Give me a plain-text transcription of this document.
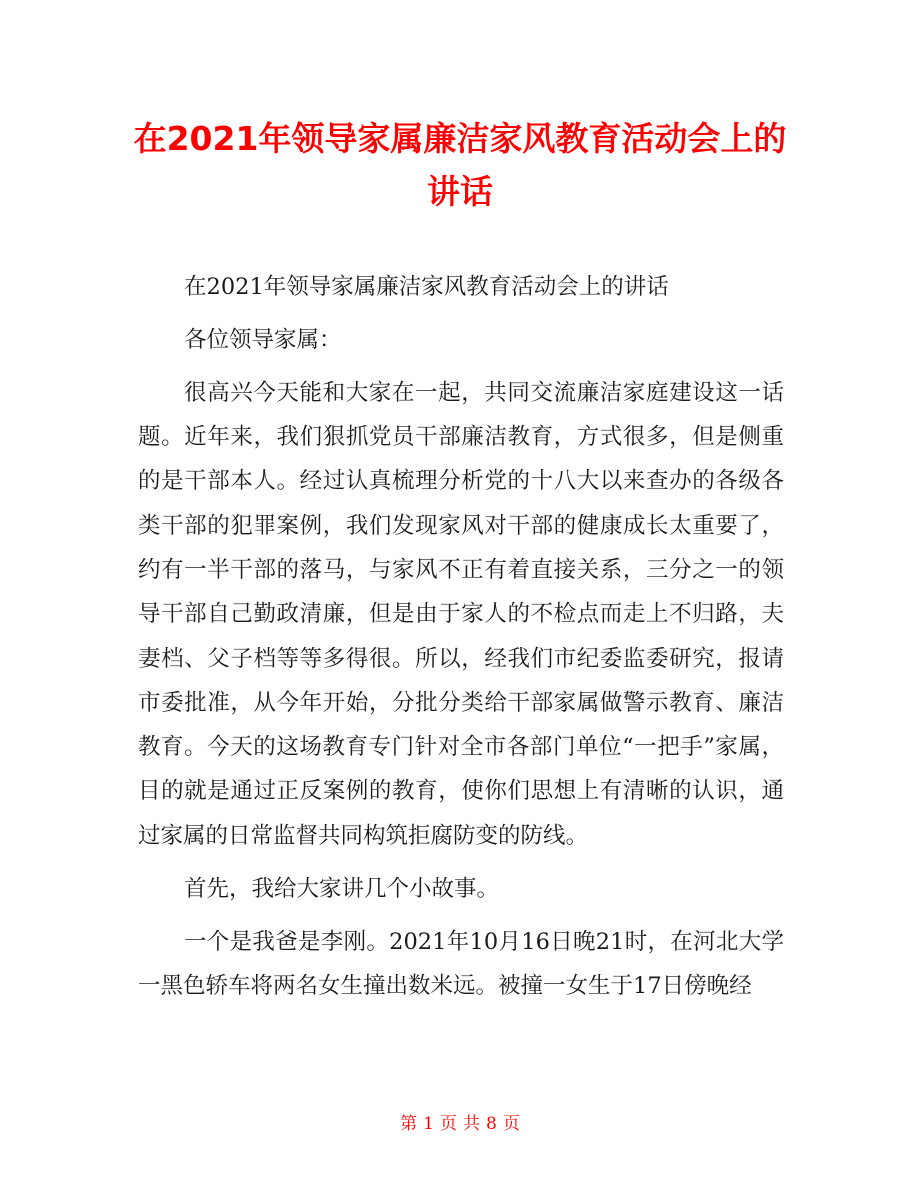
在2021年领导家属廉洁家风教育活动会上的讲话

在2021年领导家属廉洁家风教育活动会上的讲话

各位领导家属：

很高兴今天能和大家在一起，共同交流廉洁家庭建设这一话题。近年来，我们狠抓党员干部廉洁教育，方式很多，但是侧重的是干部本人。经过认真梳理分析党的十八大以来查办的各级各类干部的犯罪案例，我们发现家风对干部的健康成长太重要了，约有一半干部的落马，与家风不正有着直接关系，三分之一的领导干部自己勤政清廉，但是由于家人的不检点而走上不归路，夫妻档、父子档等等多得很。所以，经我们市纪委监委研究，报请市委批准，从今年开始，分批分类给干部家属做警示教育、廉洁教育。今天的这场教育专门针对全市各部门单位“一把手”家属，目的就是通过正反案例的教育，使你们思想上有清晰的认识，通过家属的日常监督共同构筑拒腐防变的防线。

首先，我给大家讲几个小故事。

一个是我爸是李刚。2021年10月16日晚21时，在河北大学一黑色轿车将两名女生撞出数米远。被撞一女生于17日傍晚经

第 1 页 共 8 页
